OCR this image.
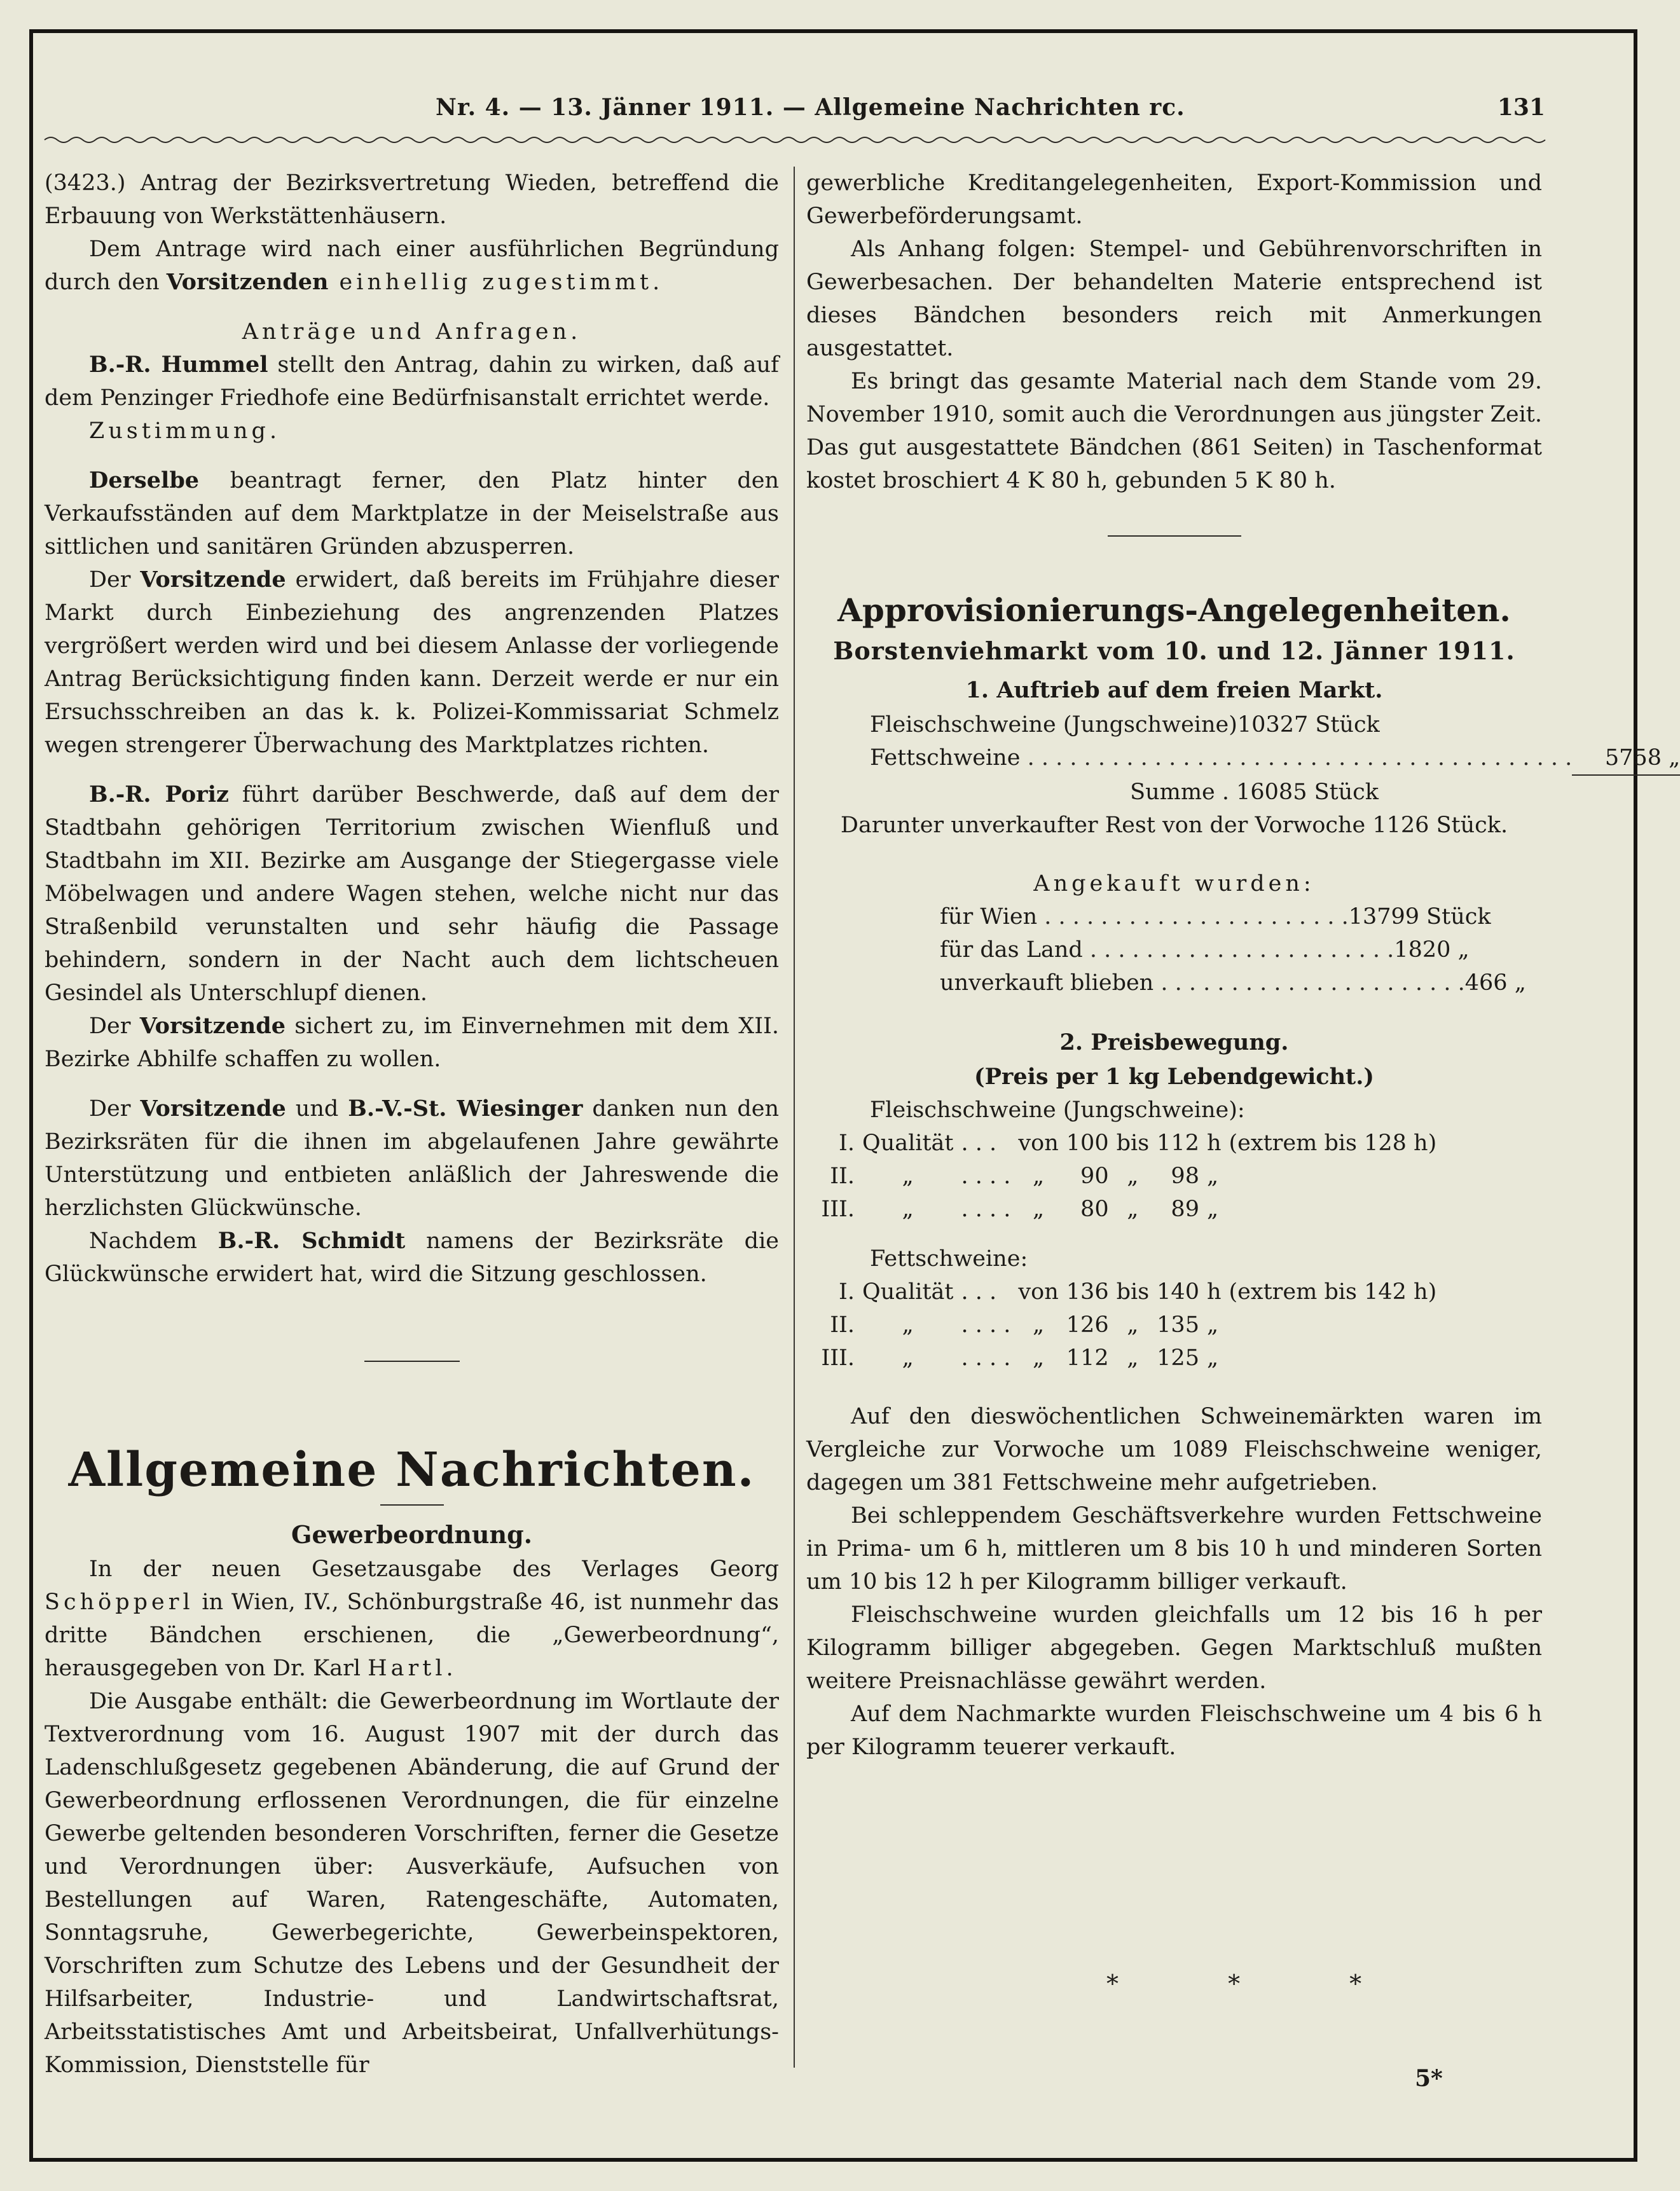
Nr. 4. — 13. Jänner 1911. — Allgemeine Nachrichten rc.	131

(3423.) Antrag der Bezirksvertretung Wieden, betreffend die Erbauung von Werkstättenhäusern.

Dem Antrage wird nach einer ausführlichen Begründung durch den Vorsitzenden einhellig zugestimmt.

Anträge und Anfragen.

B.-R. Hummel stellt den Antrag, dahin zu wirken, daß auf dem Penzinger Friedhofe eine Bedürfnisanstalt errichtet werde.

Zustimmung.

Derselbe beantragt ferner, den Platz hinter den Verkaufsständen auf dem Marktplatze in der Meiselstraße aus sittlichen und sanitären Gründen abzusperren.

Der Vorsitzende erwidert, daß bereits im Frühjahre dieser Markt durch Einbeziehung des angrenzenden Platzes vergrößert werden wird und bei diesem Anlasse der vorliegende Antrag Berücksichtigung finden kann. Derzeit werde er nur ein Ersuchsschreiben an das k. k. Polizei-Kommissariat Schmelz wegen strengerer Überwachung des Marktplatzes richten.

B.-R. Poriz führt darüber Beschwerde, daß auf dem der Stadtbahn gehörigen Territorium zwischen Wienfluß und Stadtbahn im XII. Bezirke am Ausgange der Stiegergasse viele Möbelwagen und andere Wagen stehen, welche nicht nur das Straßenbild verunstalten und sehr häufig die Passage behindern, sondern in der Nacht auch dem lichtscheuen Gesindel als Unterschlupf dienen.

Der Vorsitzende sichert zu, im Einvernehmen mit dem XII. Bezirke Abhilfe schaffen zu wollen.

Der Vorsitzende und B.-V.-St. Wiesinger danken nun den Bezirksräten für die ihnen im abgelaufenen Jahre gewährte Unterstützung und entbieten anläßlich der Jahreswende die herzlichsten Glückwünsche.

Nachdem B.-R. Schmidt namens der Bezirksräte die Glückwünsche erwidert hat, wird die Sitzung geschlossen.

Allgemeine Nachrichten.
Gewerbeordnung.

In der neuen Gesetzausgabe des Verlages Georg Schöpperl in Wien, IV., Schönburgstraße 46, ist nunmehr das dritte Bändchen erschienen, die „Gewerbeordnung“, herausgegeben von Dr. Karl Hartl.

Die Ausgabe enthält: die Gewerbeordnung im Wortlaute der Textverordnung vom 16. August 1907 mit der durch das Ladenschlußgesetz gegebenen Abänderung, die auf Grund der Gewerbeordnung erflossenen Verordnungen, die für einzelne Gewerbe geltenden besonderen Vorschriften, ferner die Gesetze und Verordnungen über: Ausverkäufe, Aufsuchen von Bestellungen auf Waren, Ratengeschäfte, Automaten, Sonntagsruhe, Gewerbegerichte, Gewerbeinspektoren, Vorschriften zum Schutze des Lebens und der Gesundheit der Hilfsarbeiter, Industrie- und Landwirtschaftsrat, Arbeitsstatistisches Amt und Arbeitsbeirat, Unfallverhütungs-Kommission, Dienststelle für

gewerbliche Kreditangelegenheiten, Export-Kommission und Gewerbeförderungsamt.

Als Anhang folgen: Stempel- und Gebührenvorschriften in Gewerbesachen. Der behandelten Materie entsprechend ist dieses Bändchen besonders reich mit Anmerkungen ausgestattet.

Es bringt das gesamte Material nach dem Stande vom 29. November 1910, somit auch die Verordnungen aus jüngster Zeit. Das gut ausgestattete Bändchen (861 Seiten) in Taschenformat kostet broschiert 4 K 80 h, gebunden 5 K 80 h.

Approvisionierungs-Angelegenheiten.
Borstenviehmarkt vom 10. und 12. Jänner 1911.
1. Auftrieb auf dem freien Markt.
Fleischschweine (Jungschweine) 10327 Stück
Fettschweine . . . . . . . . . . . . . . . . . . . . . . . . . . . . . . . . . . . . . . .	5758 „
Summe . 16085 Stück

Darunter unverkaufter Rest von der Vorwoche 1126 Stück.

Angekauft wurden:

für Wien . . . . . . . . . . . . . . . . . . . . . . 13799 Stück
für das Land . . . . . . . . . . . . . . . . . . . . . . 1820 „
unverkauft blieben . . . . . . . . . . . . . . . . . . . . . . 466 „
2. Preisbewegung.

(Preis per 1 kg Lebendgewicht.)

Fleischschweine (Jungschweine):

I.	Qualität	. . .	von	100	bis	112	h	(extrem bis 128 h)
II.	„	. . . .	„	90	„	98	„	
III.	„	. . . .	„	80	„	89	„	

Fettschweine:

I.	Qualität	. . .	von	136	bis	140	h	(extrem bis 142 h)
II.	„	. . . .	„	126	„	135	„	
III.	„	. . . .	„	112	„	125	„	

Auf den dieswöchentlichen Schweinemärkten waren im Vergleiche zur Vorwoche um 1089 Fleischschweine weniger, dagegen um 381 Fettschweine mehr aufgetrieben.

Bei schleppendem Geschäftsverkehre wurden Fettschweine in Prima- um 6 h, mittleren um 8 bis 10 h und minderen Sorten um 10 bis 12 h per Kilogramm billiger verkauft.

Fleischschweine wurden gleichfalls um 12 bis 16 h per Kilogramm billiger abgegeben. Gegen Marktschluß mußten weitere Preisnachlässe gewährt werden.

Auf dem Nachmarkte wurden Fleischschweine um 4 bis 6 h per Kilogramm teuerer verkauft.

* * *
5*
